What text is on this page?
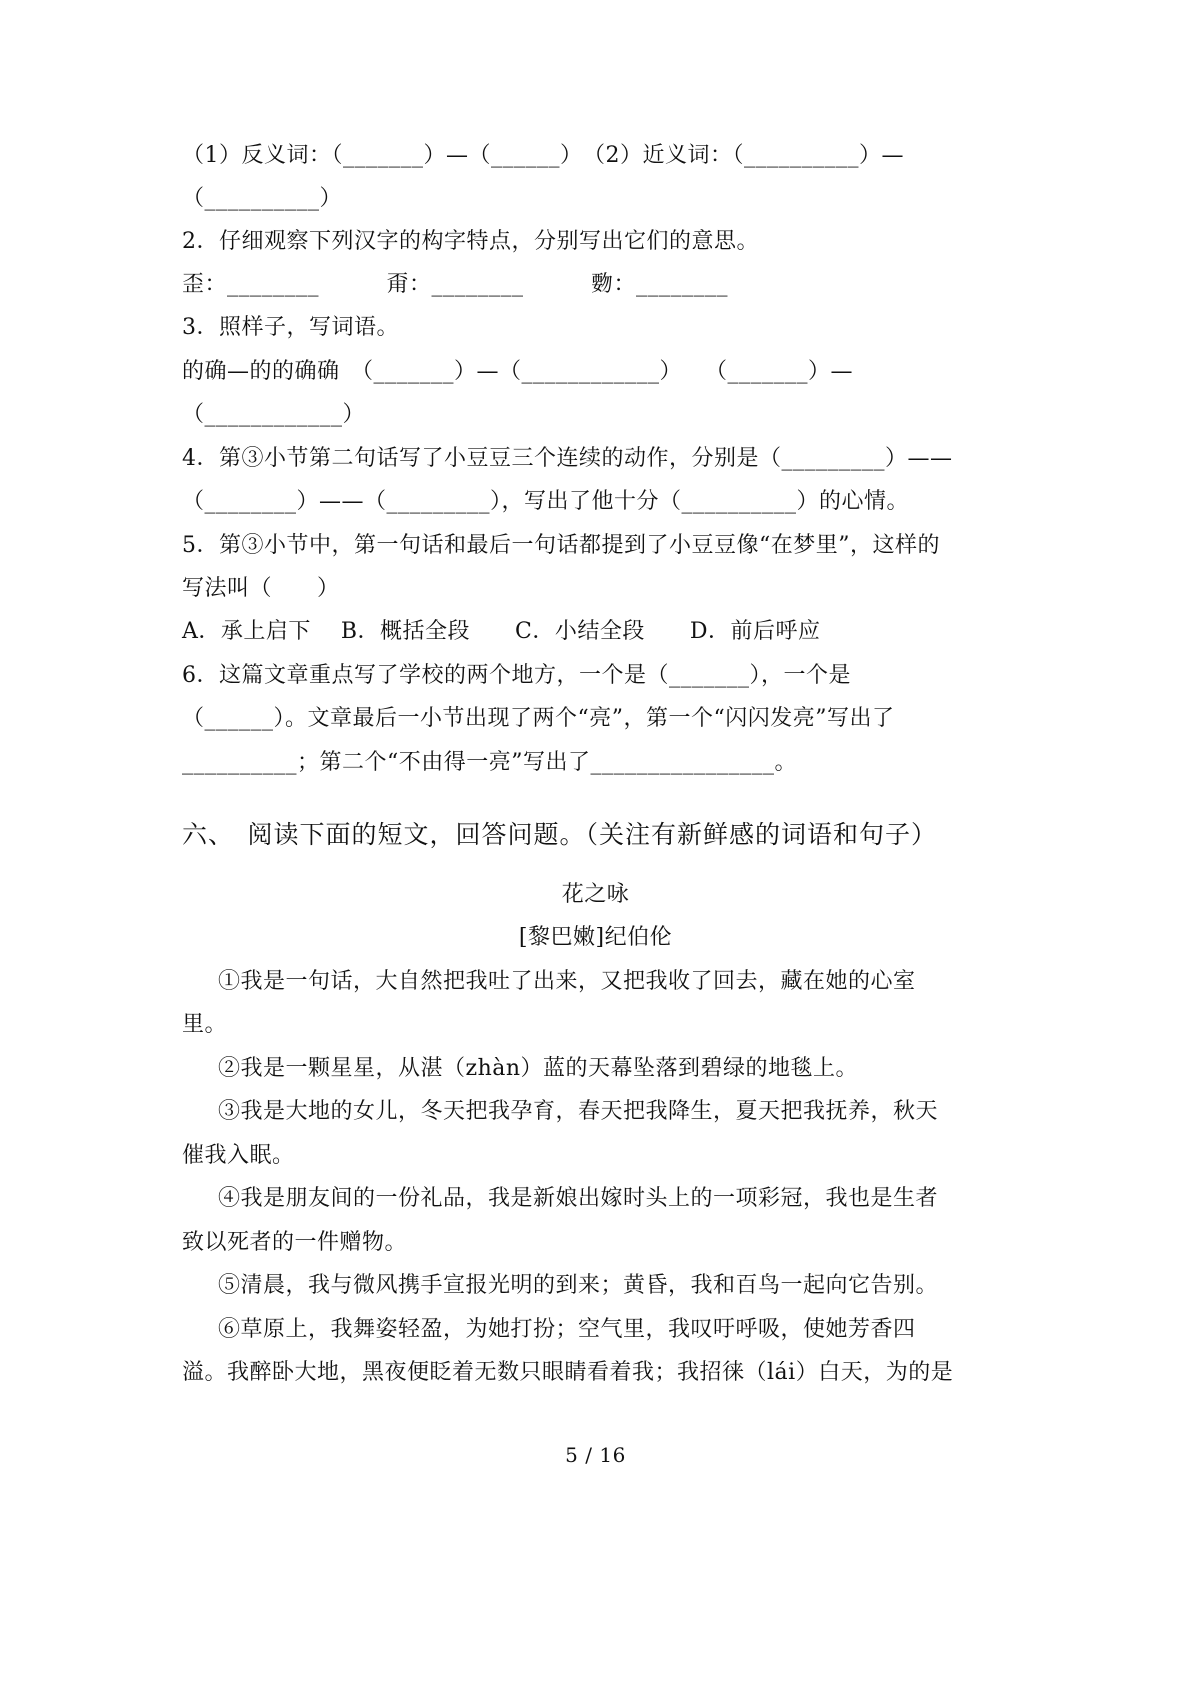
（1）反义词：（_______）—（______）　（2）近义词：（__________）—
（__________）
2．仔细观察下列汉字的构字特点，分别写出它们的意思。
歪：________　　　甭：________　　　覅：________
3．照样子，写词语。
的确—的的确确　（_______）—（____________）　　（_______）—
（____________）
4．第③小节第二句话写了小豆豆三个连续的动作，分别是（_________）——
（________）——（_________），写出了他十分（__________）的心情。
5．第③小节中，第一句话和最后一句话都提到了小豆豆像“在梦里”，这样的
写法叫（　　）
A．承上启下　 B．概括全段　　C．小结全段　　D．前后呼应
6．这篇文章重点写了学校的两个地方，一个是（_______），一个是
（______）。文章最后一小节出现了两个“亮”，第一个“闪闪发亮”写出了
__________；第二个“不由得一亮”写出了________________。
六、　阅读下面的短文，回答问题。（关注有新鲜感的词语和句子）
花之咏
[黎巴嫩]纪伯伦
①我是一句话，大自然把我吐了出来，又把我收了回去，藏在她的心室
里。
②我是一颗星星，从湛（zhàn）蓝的天幕坠落到碧绿的地毯上。
③我是大地的女儿，冬天把我孕育，春天把我降生，夏天把我抚养，秋天
催我入眠。
④我是朋友间的一份礼品，我是新娘出嫁时头上的一项彩冠，我也是生者
致以死者的一件赠物。
⑤清晨，我与微风携手宣报光明的到来；黄昏，我和百鸟一起向它告别。
⑥草原上，我舞姿轻盈，为她打扮；空气里，我叹吁呼吸，使她芳香四
溢。我醉卧大地，黑夜便眨着无数只眼睛看着我；我招徕（lái）白天，为的是
5 / 16
